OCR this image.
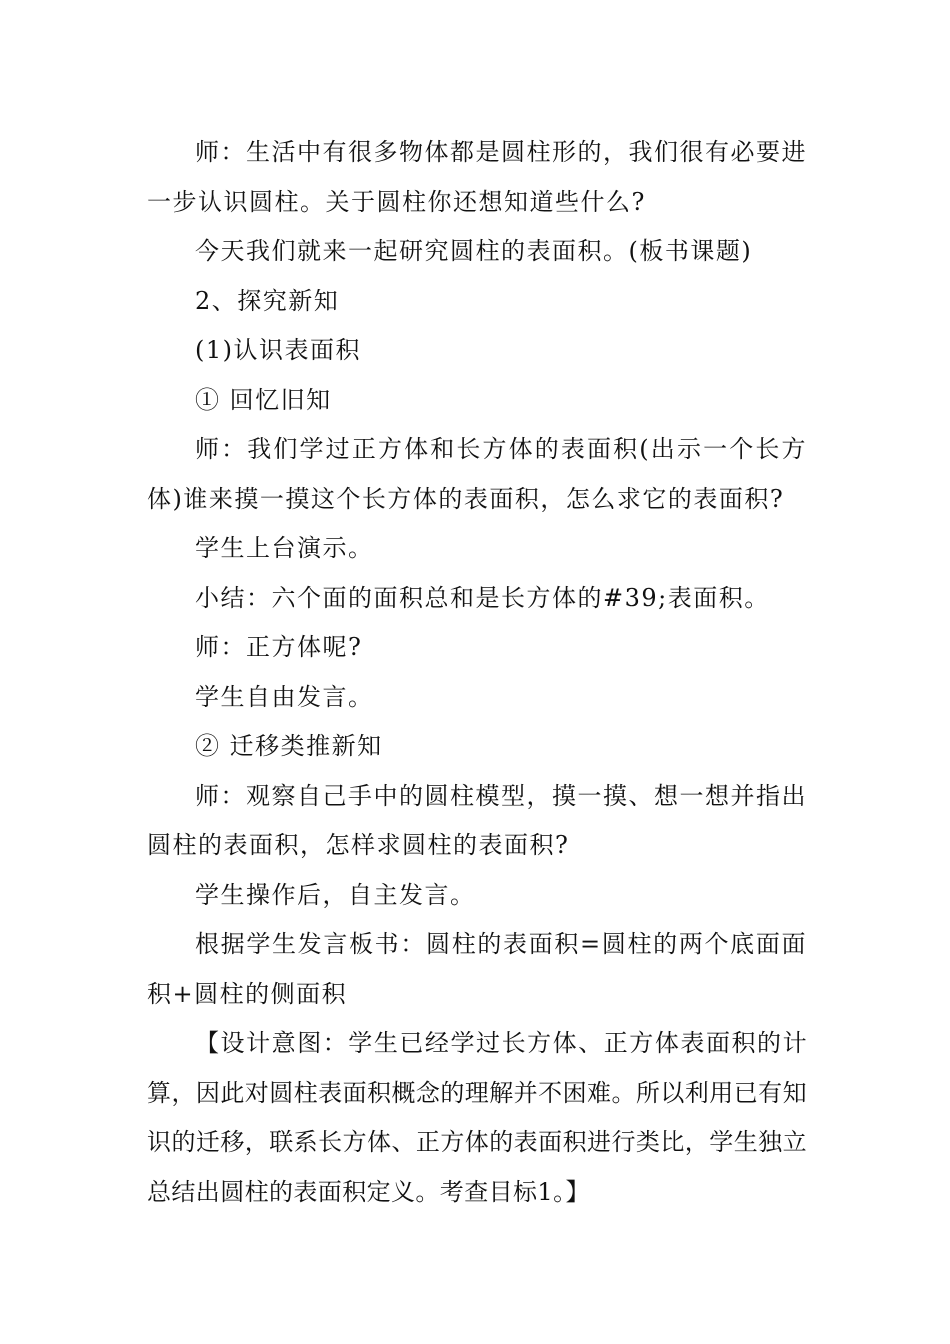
师：生活中有很多物体都是圆柱形的，我们很有必要进一步认识圆柱。关于圆柱你还想知道些什么?

今天我们就来一起研究圆柱的表面积。(板书课题)

2、探究新知

(1)认识表面积

① 回忆旧知

师：我们学过正方体和长方体的表面积(出示一个长方体)谁来摸一摸这个长方体的表面积，怎么求它的表面积?

学生上台演示。

小结：六个面的面积总和是长方体的#39;表面积。

师：正方体呢?

学生自由发言。

② 迁移类推新知

师：观察自己手中的圆柱模型，摸一摸、想一想并指出圆柱的表面积，怎样求圆柱的表面积?

学生操作后，自主发言。

根据学生发言板书：圆柱的表面积=圆柱的两个底面面积+圆柱的侧面积

【设计意图：学生已经学过长方体、正方体表面积的计算，因此对圆柱表面积概念的理解并不困难。所以利用已有知识的迁移，联系长方体、正方体的表面积进行类比，学生独立总结出圆柱的表面积定义。考查目标1。】
